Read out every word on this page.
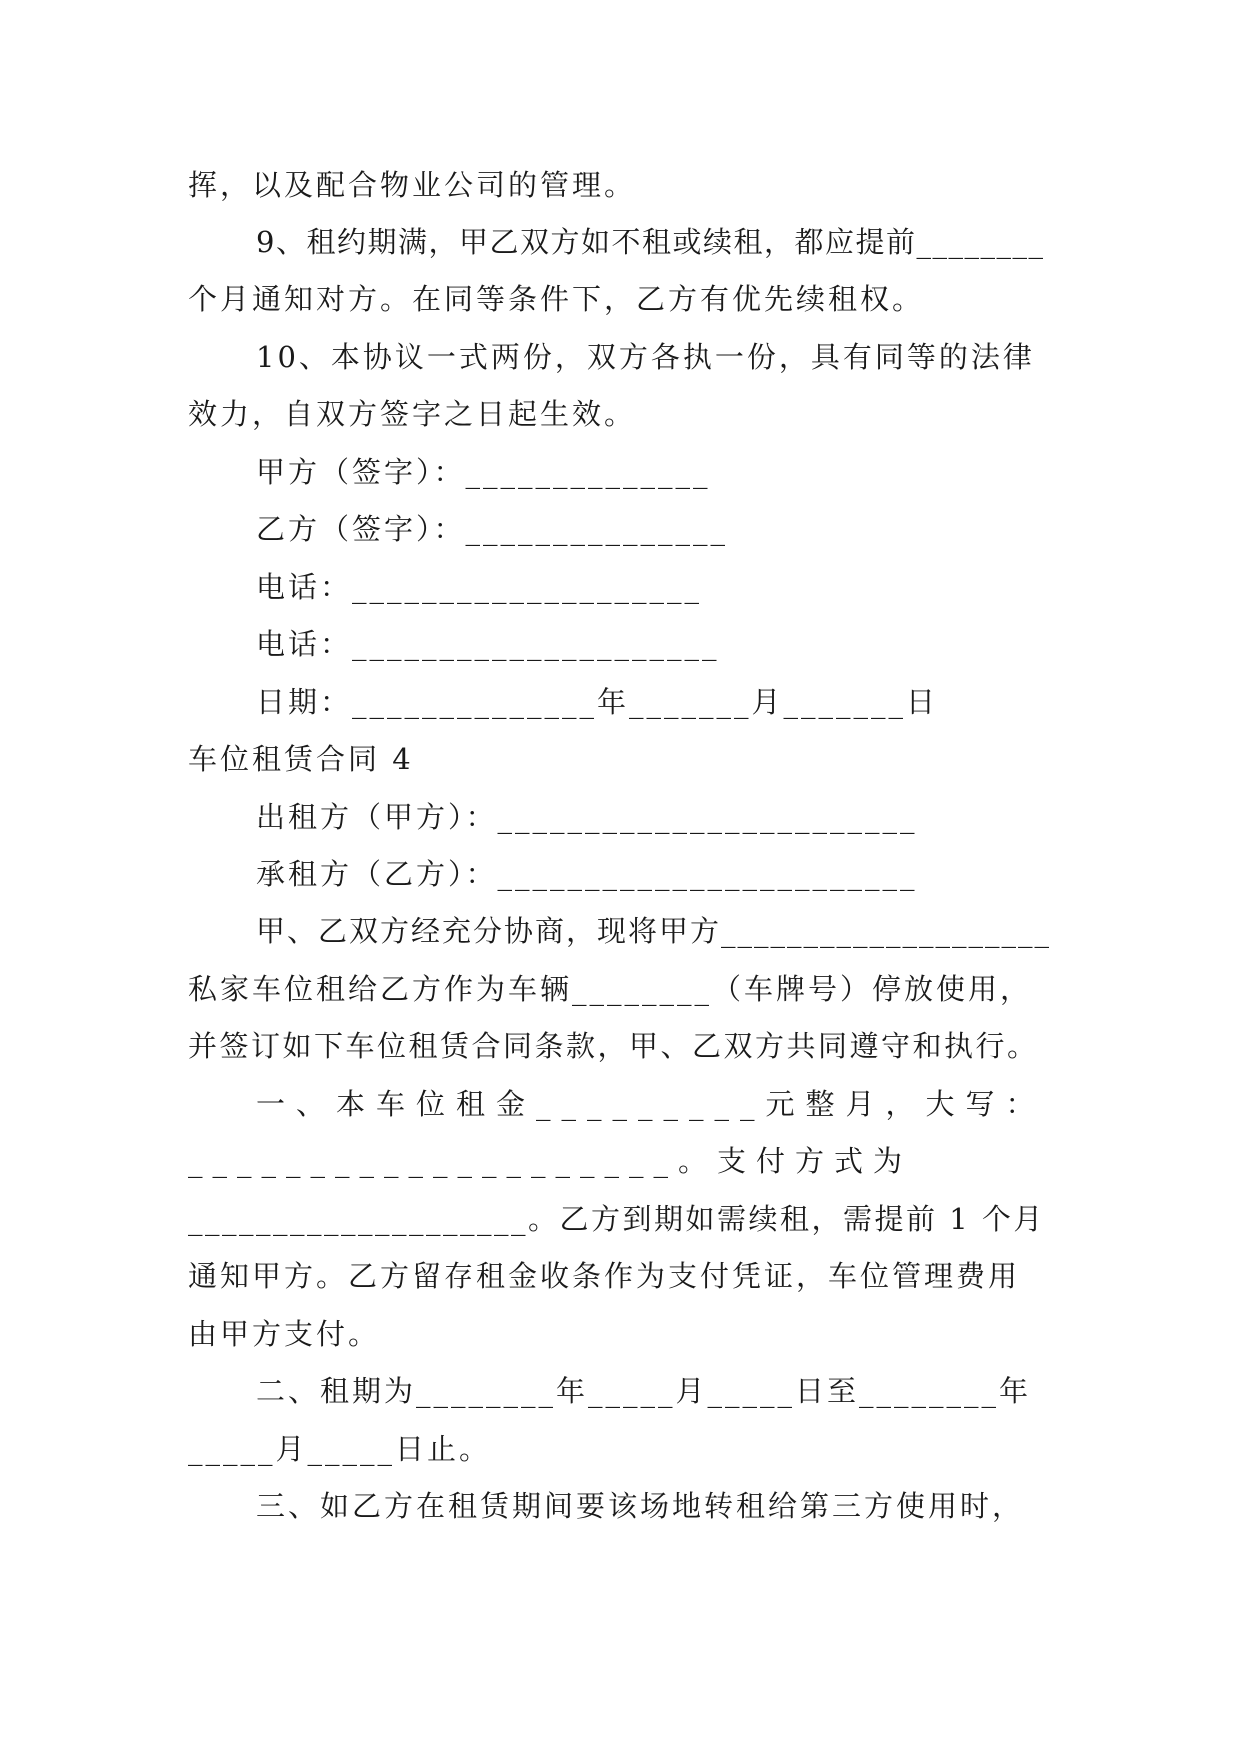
挥，以及配合物业公司的管理。
9、租约期满，甲乙双方如不租或续租，都应提前________
个月通知对方。在同等条件下，乙方有优先续租权。
10、本协议一式两份，双方各执一份，具有同等的法律
效力，自双方签字之日起生效。
甲方（签字）：______________
乙方（签字）：_______________
电话：____________________
电话：_____________________
日期：______________年_______月_______日
车位租赁合同 4
出租方（甲方）：________________________
承租方（乙方）：________________________
甲、乙双方经充分协商，现将甲方____________________
私家车位租给乙方作为车辆________（车牌号）停放使用，
并签订如下车位租赁合同条款，甲、乙双方共同遵守和执行。
一、本车位租金_________元整月，大写：
____________________。支付方式为
____________________。乙方到期如需续租，需提前 1 个月
通知甲方。乙方留存租金收条作为支付凭证，车位管理费用
由甲方支付。
二、租期为________年_____月_____日至________年
_____月_____日止。
三、如乙方在租赁期间要该场地转租给第三方使用时，
